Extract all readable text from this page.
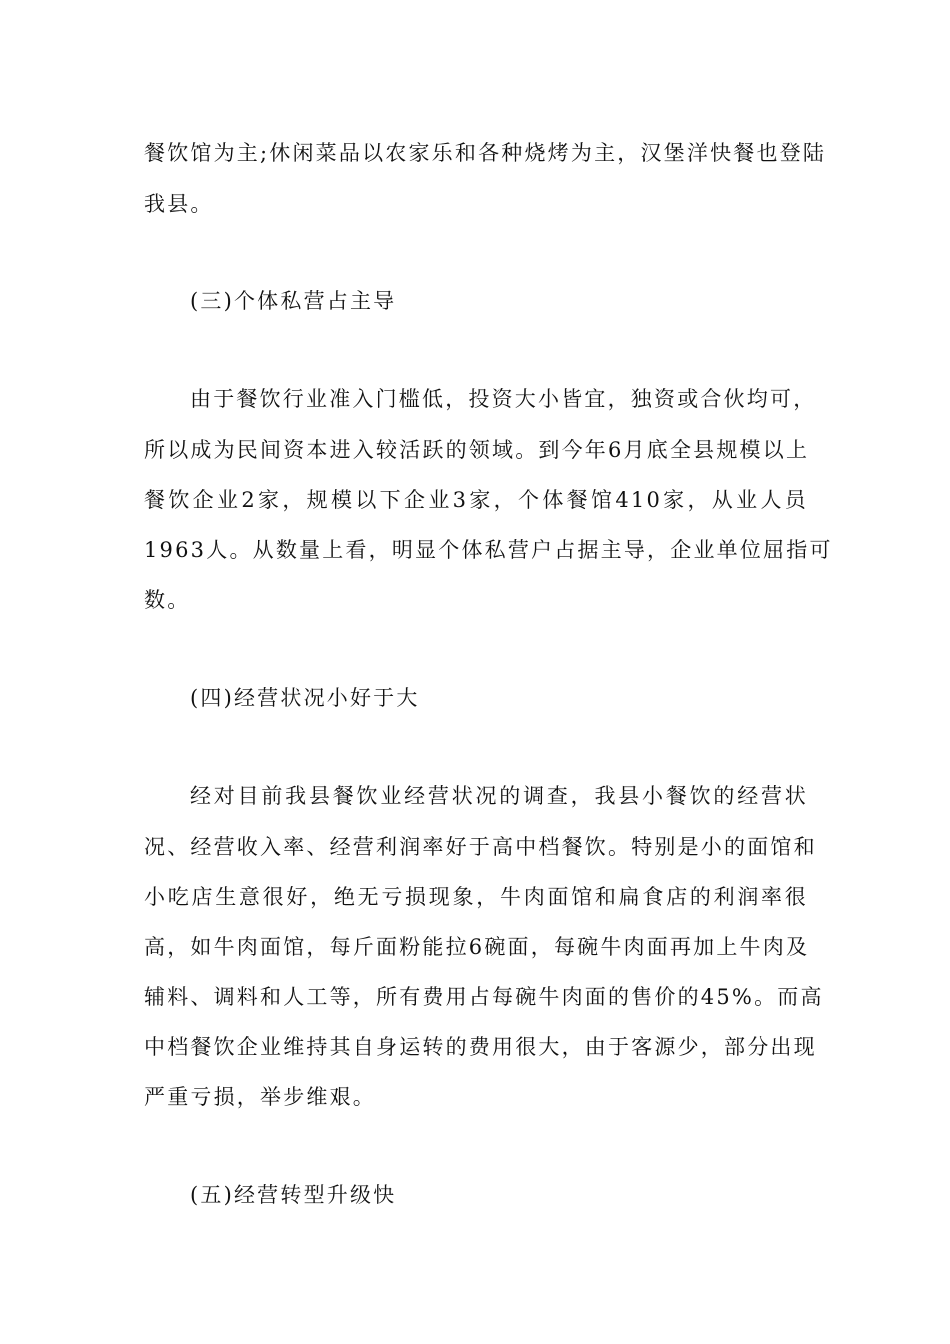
餐饮馆为主;休闲菜品以农家乐和各种烧烤为主，汉堡洋快餐也登陆
我县。
(三)个体私营占主导
由于餐饮行业准入门槛低，投资大小皆宜，独资或合伙均可，
所以成为民间资本进入较活跃的领域。到今年6月底全县规模以上
餐饮企业2家，规模以下企业3家，个体餐馆410家，从业人员
1963人。从数量上看，明显个体私营户占据主导，企业单位屈指可
数。
(四)经营状况小好于大
经对目前我县餐饮业经营状况的调查，我县小餐饮的经营状
况、经营收入率、经营利润率好于高中档餐饮。特别是小的面馆和
小吃店生意很好，绝无亏损现象，牛肉面馆和扁食店的利润率很
高，如牛肉面馆，每斤面粉能拉6碗面，每碗牛肉面再加上牛肉及
辅料、调料和人工等，所有费用占每碗牛肉面的售价的45%。而高
中档餐饮企业维持其自身运转的费用很大，由于客源少，部分出现
严重亏损，举步维艰。
(五)经营转型升级快
